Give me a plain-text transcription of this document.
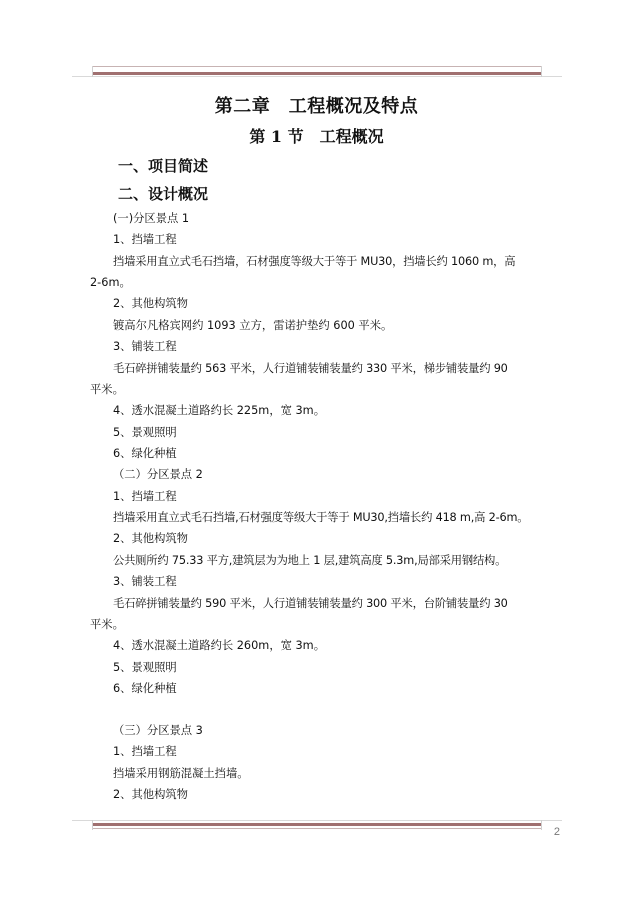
第二章　工程概况及特点
第 1 节　工程概况
一、项目简述
二、设计概况
(一)分区景点 1
1、挡墙工程
挡墙采用直立式毛石挡墙，石材强度等级大于等于 MU30，挡墙长约 1060 m，高
2-6m。
2、其他构筑物
镀高尔凡格宾网约 1093 立方，雷诺护垫约 600 平米。
3、铺装工程
毛石碎拼铺装量约 563 平米，人行道铺装铺装量约 330 平米，梯步铺装量约 90
平米。
4、透水混凝土道路约长 225m，宽 3m。
5、景观照明
6、绿化种植
（二）分区景点 2
1、挡墙工程
挡墙采用直立式毛石挡墙,石材强度等级大于等于 MU30,挡墙长约 418 m,高 2-6m。
2、其他构筑物
公共厕所约 75.33 平方,建筑层为为地上 1 层,建筑高度 5.3m,局部采用钢结构。
3、铺装工程
毛石碎拼铺装量约 590 平米，人行道铺装铺装量约 300 平米，台阶铺装量约 30
平米。
4、透水混凝土道路约长 260m，宽 3m。
5、景观照明
6、绿化种植
（三）分区景点 3
1、挡墙工程
挡墙采用钢筋混凝土挡墙。
2、其他构筑物
2
